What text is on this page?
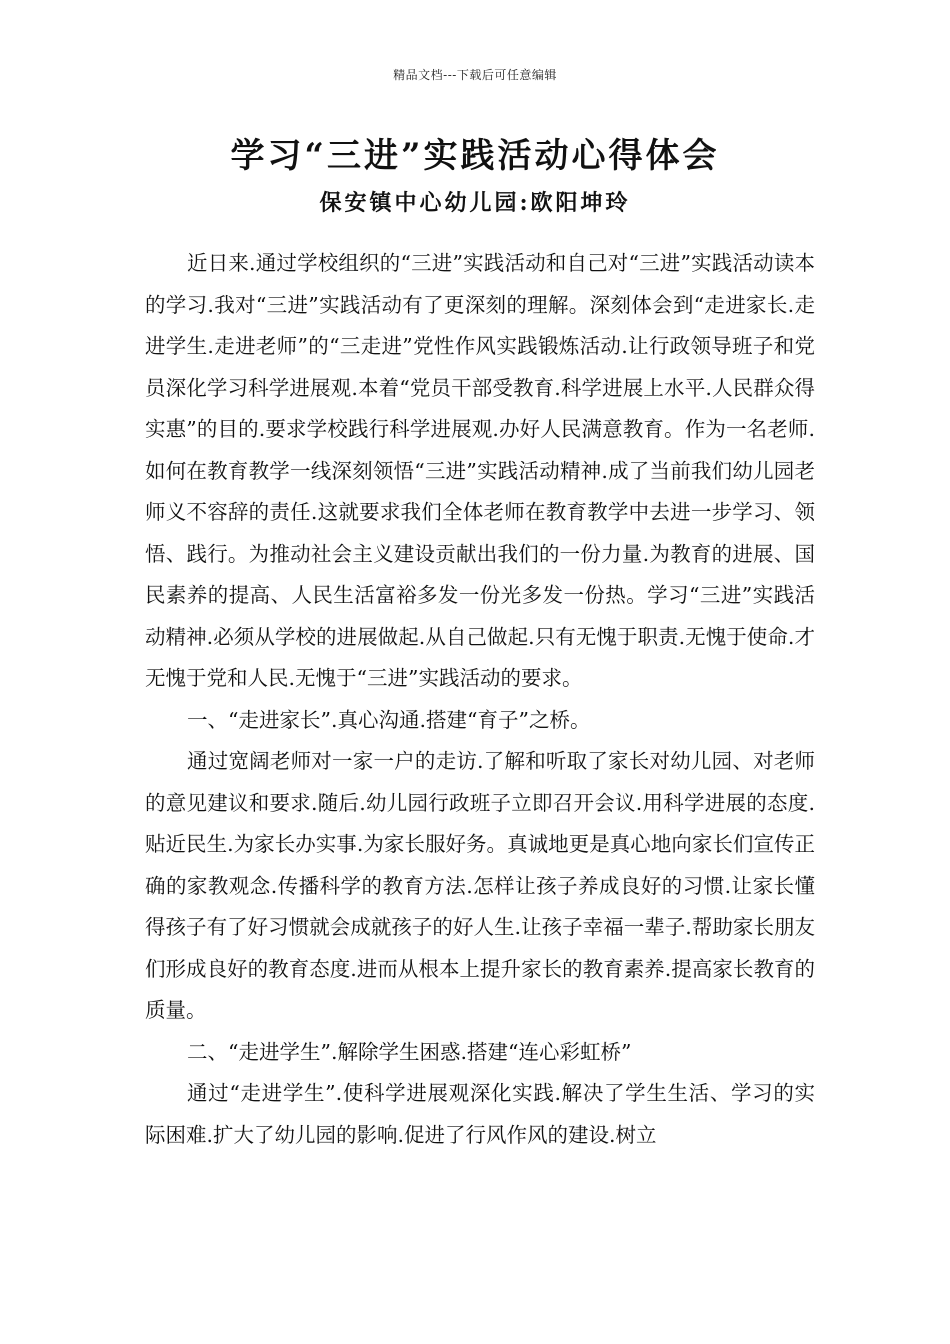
精品文档---下载后可任意编辑
学习“三进”实践活动心得体会
保安镇中心幼儿园:欧阳坤玲

近日来.通过学校组织的“三进”实践活动和自己对“三进”实践活动读本的学习.我对“三进”实践活动有了更深刻的理解。深刻体会到“走进家长.走进学生.走进老师”的“三走进”党性作风实践锻炼活动.让行政领导班子和党员深化学习科学进展观.本着“党员干部受教育.科学进展上水平.人民群众得实惠”的目的.要求学校践行科学进展观.办好人民满意教育。作为一名老师.如何在教育教学一线深刻领悟“三进”实践活动精神.成了当前我们幼儿园老师义不容辞的责任.这就要求我们全体老师在教育教学中去进一步学习、领悟、践行。为推动社会主义建设贡献出我们的一份力量.为教育的进展、国民素养的提高、人民生活富裕多发一份光多发一份热。学习“三进”实践活动精神.必须从学校的进展做起.从自己做起.只有无愧于职责.无愧于使命.才无愧于党和人民.无愧于“三进”实践活动的要求。

一、“走进家长”.真心沟通.搭建“育子”之桥。

通过宽阔老师对一家一户的走访.了解和听取了家长对幼儿园、对老师的意见建议和要求.随后.幼儿园行政班子立即召开会议.用科学进展的态度.贴近民生.为家长办实事.为家长服好务。真诚地更是真心地向家长们宣传正确的家教观念.传播科学的教育方法.怎样让孩子养成良好的习惯.让家长懂得孩子有了好习惯就会成就孩子的好人生.让孩子幸福一辈子.帮助家长朋友们形成良好的教育态度.进而从根本上提升家长的教育素养.提高家长教育的质量。

二、“走进学生”.解除学生困惑.搭建“连心彩虹桥”

通过“走进学生”.使科学进展观深化实践.解决了学生生活、学习的实际困难.扩大了幼儿园的影响.促进了行风作风的建设.树立
